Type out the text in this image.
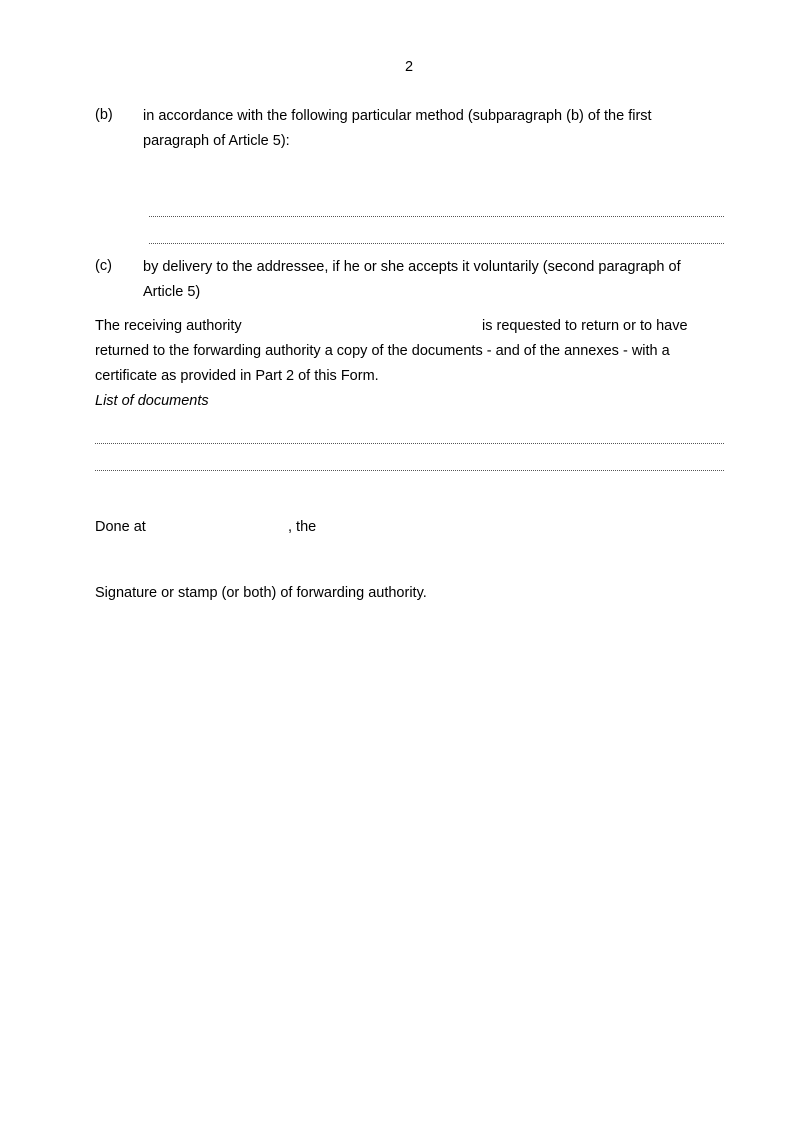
2
(b) in accordance with the following particular method (subparagraph (b) of the first
paragraph of Article 5):
(c) by delivery to the addressee, if he or she accepts it voluntarily (second paragraph of
Article 5)
The receiving authority	is requested to return or to have
returned to the forwarding authority a copy of the documents - and of the annexes - with a
certificate as provided in Part 2 of this Form.
List of documents
Done at	, the
Signature or stamp (or both) of forwarding authority.
